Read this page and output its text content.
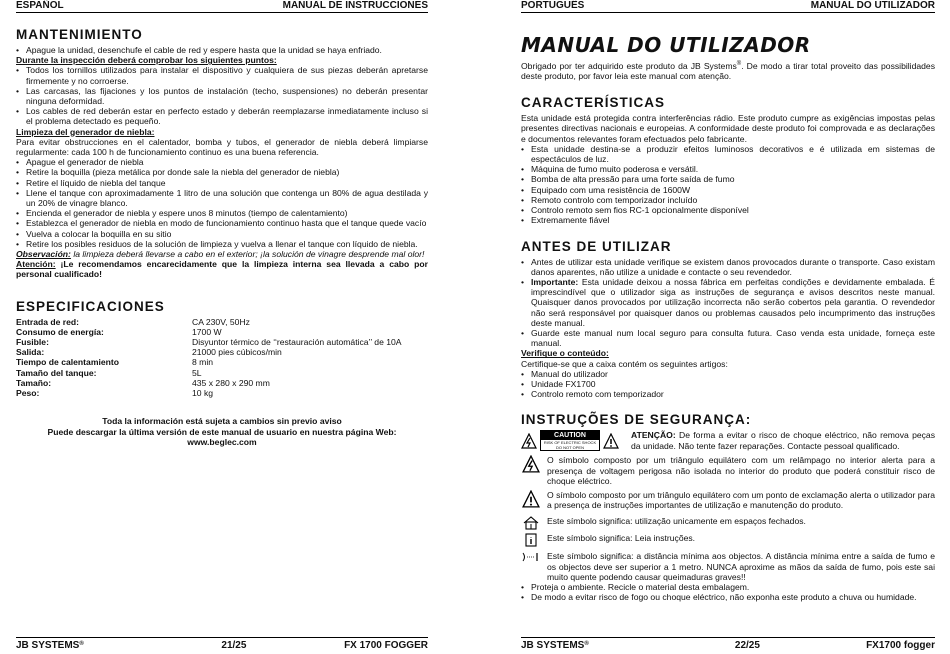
ESPAÑOL	MANUAL DE INSTRUCCIONES
MANTENIMIENTO
• Apague la unidad, desenchufe el cable de red y espere hasta que la unidad se haya enfriado.

Durante la inspección deberá comprobar los siguientes puntos:

• Todos los tornillos utilizados para instalar el dispositivo y cualquiera de sus piezas deberán apretarse firmemente y no corroerse.
• Las carcasas, las fijaciones y los puntos de instalación (techo, suspensiones) no deberán presentar ninguna deformidad.
• Los cables de red deberán estar en perfecto estado y deberán reemplazarse inmediatamente incluso si el problema detectado es pequeño.

Limpieza del generador de niebla:

Para evitar obstrucciones en el calentador, bomba y tubos, el generador de niebla deberá limpiarse regularmente: cada 100 h de funcionamiento continuo es una buena referencia.

• Apague el generador de niebla
• Retire la boquilla (pieza metálica por donde sale la niebla del generador de niebla)
• Retire el líquido de niebla del tanque
• Llene el tanque con aproximadamente 1 litro de una solución que contenga un 80% de agua destilada y un 20% de vinagre blanco.
• Encienda el generador de niebla y espere unos 8 minutos (tiempo de calentamiento)
• Establezca el generador de niebla en modo de funcionamiento continuo hasta que el tanque quede vacío
• Vuelva a colocar la boquilla en su sitio
• Retire los posibles residuos de la solución de limpieza y vuelva a llenar el tanque con líquido de niebla.

Observación: la limpieza deberá llevarse a cabo en el exterior; ¡la solución de vinagre desprende mal olor!

Atención: ¡Le recomendamos encarecidamente que la limpieza interna sea llevada a cabo por personal cualificado!

ESPECIFICACIONES
Entrada de red:	CA 230V, 50Hz
Consumo de energía:	1700 W
Fusible:	Disyuntor térmico de ‘‘restauración automática’’ de 10A
Salida:	21000 pies cúbicos/min
Tiempo de calentamiento	8 min
Tamaño del tanque:	5L
Tamaño:	435 x 280 x 290 mm
Peso:	10 kg

Toda la información está sujeta a cambios sin previo aviso

Puede descargar la última versión de este manual de usuario en nuestra página Web:

www.beglec.com

JB SYSTEMS®	21/25	FX 1700 FOGGER
PORTUGUÊS	MANUAL DO UTILIZADOR
MANUAL DO UTILIZADOR

Obrigado por ter adquirido este produto da JB Systems®. De modo a tirar total proveito das possibilidades deste produto, por favor leia este manual com atenção.

CARACTERÍSTICAS

Esta unidade está protegida contra interferências rádio. Este produto cumpre as exigências impostas pelas presentes directivas nacionais e europeias. A conformidade deste produto foi comprovada e as declarações e documentos relevantes foram efectuados pelo fabricante.

• Esta unidade destina-se a produzir efeitos luminosos decorativos e é utilizada em sistemas de espectáculos de luz.
• Máquina de fumo muito poderosa e versátil.
• Bomba de alta pressão para uma forte saída de fumo
• Equipado com uma resistência de 1600W
• Remoto controlo com temporizador incluído
• Controlo remoto sem fios RC-1 opcionalmente disponível
• Extremamente fiável
ANTES DE UTILIZAR
• Antes de utilizar esta unidade verifique se existem danos provocados durante o transporte. Caso existam danos aparentes, não utilize a unidade e contacte o seu revendedor.
• Importante: Esta unidade deixou a nossa fábrica em perfeitas condições e devidamente embalada. É imprescindível que o utilizador siga as instruções de segurança e avisos descritos neste manual. Quaisquer danos provocados por utilização incorrecta não serão cobertos pela garantia. O revendedor não será responsável por quaisquer danos ou problemas causados pelo incumprimento das instruções deste manual.
• Guarde este manual num local seguro para consulta futura. Caso venda esta unidade, forneça este manual.

Verifique o conteúdo:

Certifique-se que a caixa contém os seguintes artigos:

• Manual do utilizador
• Unidade FX1700
• Controlo remoto com temporizador
INSTRUÇÕES DE SEGURANÇA:
CAUTION
RISK OF ELECTRIC SHOCK
DO NOT OPEN

ATENÇÃO: De forma a evitar o risco de choque eléctrico, não remova peças da unidade. Não tente fazer reparações. Contacte pessoal qualificado.

O símbolo composto por um triângulo equilátero com um relâmpago no interior alerta para a presença de voltagem perigosa não isolada no interior do produto que poderá constituir risco de choque eléctrico.

O símbolo composto por um triângulo equilátero com um ponto de exclamação alerta o utilizador para a presença de instruções importantes de utilização e manutenção do produto.

Este símbolo significa: utilização unicamente em espaços fechados.

Este símbolo significa: Leia instruções.

Este símbolo significa: a distância mínima aos objectos. A distância mínima entre a saída de fumo e os objectos deve ser superior a 1 metro. NUNCA aproxime as mãos da saída de fumo, pois este sai muito quente podendo causar queimaduras graves!!

• Proteja o ambiente. Recicle o material desta embalagem.
• De modo a evitar risco de fogo ou choque eléctrico, não exponha este produto a chuva ou humidade.
JB SYSTEMS®	22/25	FX1700 fogger
